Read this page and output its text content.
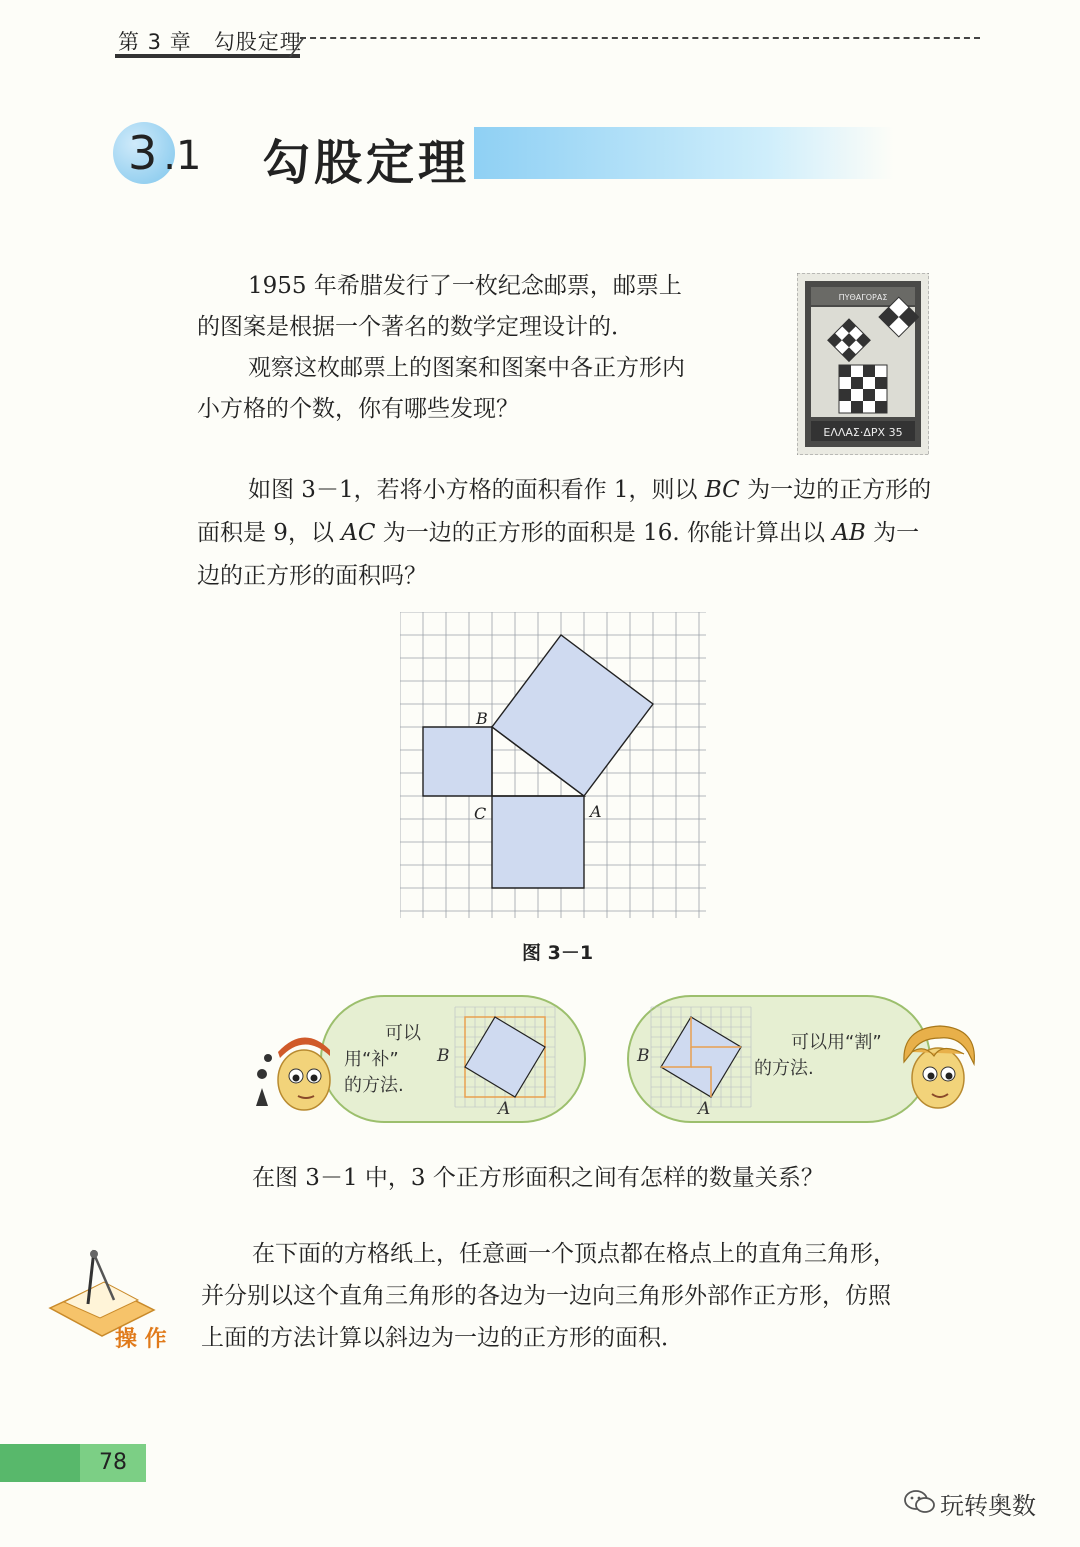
第 3 章　勾股定理
3 .1 勾股定理
1955 年希腊发行了一枚纪念邮票，邮票上
的图案是根据一个著名的数学定理设计的．
观察这枚邮票上的图案和图案中各正方形内
小方格的个数，你有哪些发现？
ΠΥΘΑΓΟΡΑΣ
ΕΛΛΑΣ·ΔΡΧ 35
如图 3－1，若将小方格的面积看作 1，则以 BC 为一边的正方形的
面积是 9，以 AC 为一边的正方形的面积是 16. 你能计算出以 AB 为一
边的正方形的面积吗？
B
C	A
图 3－1
可以
用“补”
的方法.
B
A
B
A
可以用“割”
的方法.
在图 3－1 中，3 个正方形面积之间有怎样的数量关系？
操 作
在下面的方格纸上，任意画一个顶点都在格点上的直角三角形，
并分别以这个直角三角形的各边为一边向三角形外部作正方形，仿照
上面的方法计算以斜边为一边的正方形的面积．
78
玩转奥数
